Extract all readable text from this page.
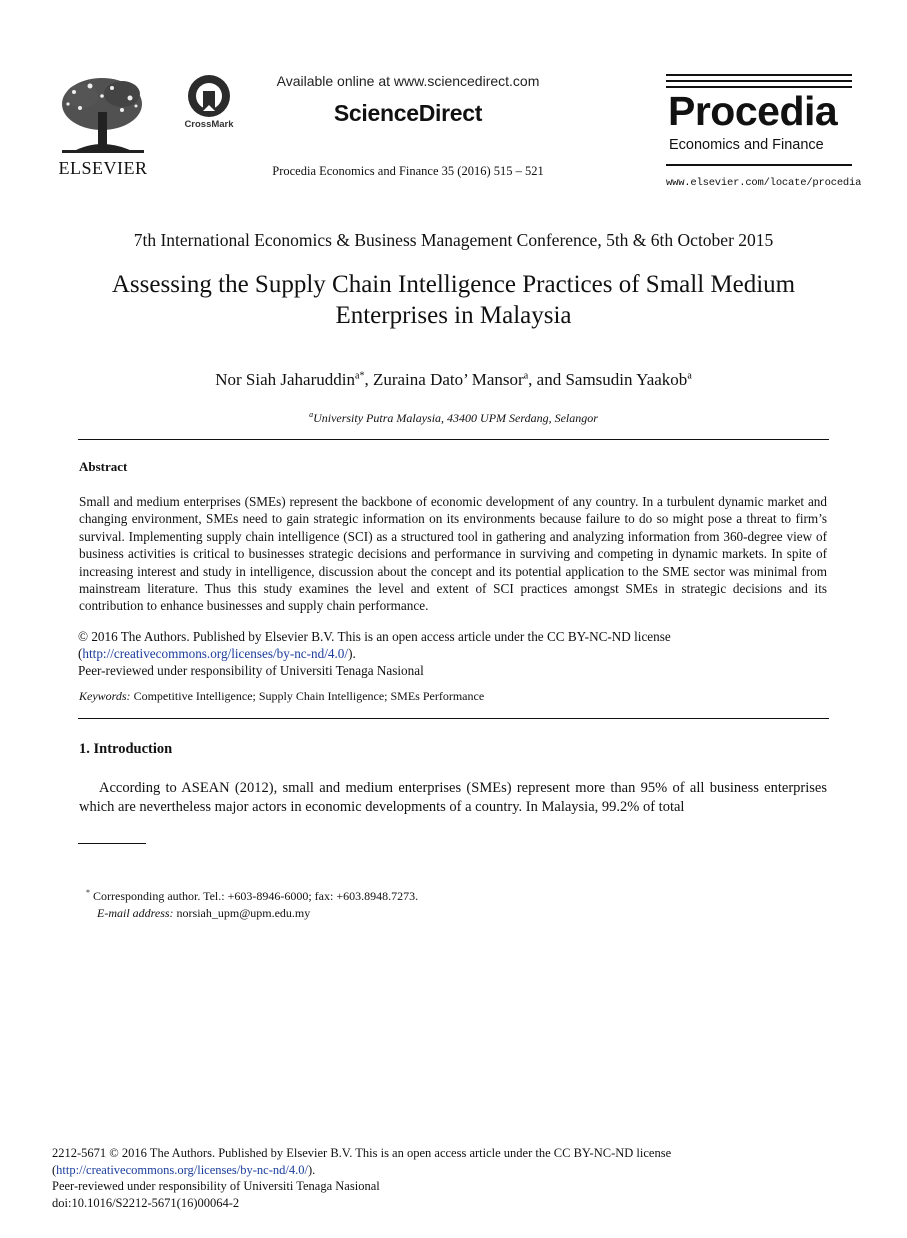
ELSEVIER
CrossMark
Available online at www.sciencedirect.com
ScienceDirect
Procedia Economics and Finance 35 (2016) 515 – 521
Procedia
Economics and Finance
www.elsevier.com/locate/procedia
7th International Economics & Business Management Conference, 5th & 6th October 2015
Assessing the Supply Chain Intelligence Practices of Small Medium
Enterprises in Malaysia
Nor Siah Jaharuddin$^{a*}$, Zuraina Dato’ Mansor$^a$, and Samsudin Yaakob$^a$
$^a$University Putra Malaysia, 43400 UPM Serdang, Selangor
Abstract
Small and medium enterprises (SMEs) represent the backbone of economic development of any country. In a turbulent dynamic market and changing environment, SMEs need to gain strategic information on its environments because failure to do so might pose a threat to firm’s survival. Implementing supply chain intelligence (SCI) as a structured tool in gathering and analyzing information from 360-degree view of business activities is critical to businesses strategic decisions and performance in surviving and competing in dynamic markets. In spite of increasing interest and study in intelligence, discussion about the concept and its potential application to the SME sector was minimal from mainstream literature. Thus this study examines the level and extent of SCI practices amongst SMEs in strategic decisions and its contribution to enhance businesses and supply chain performance.
© 2016 The Authors. Published by Elsevier B.V. This is an open access article under the CC BY-NC-ND license
(http://creativecommons.org/licenses/by-nc-nd/4.0/).
Peer-reviewed under responsibility of Universiti Tenaga Nasional
Keywords: Competitive Intelligence; Supply Chain Intelligence; SMEs Performance
1. Introduction
According to ASEAN (2012), small and medium enterprises (SMEs) represent more than 95% of all business enterprises which are nevertheless major actors in economic developments of a country. In Malaysia, 99.2% of total
* Corresponding author. Tel.: +603-8946-6000; fax: +603.8948.7273.
E-mail address: norsiah_upm@upm.edu.my
2212-5671 © 2016 The Authors. Published by Elsevier B.V. This is an open access article under the CC BY-NC-ND license
(http://creativecommons.org/licenses/by-nc-nd/4.0/).
Peer-reviewed under responsibility of Universiti Tenaga Nasional
doi:10.1016/S2212-5671(16)00064-2
